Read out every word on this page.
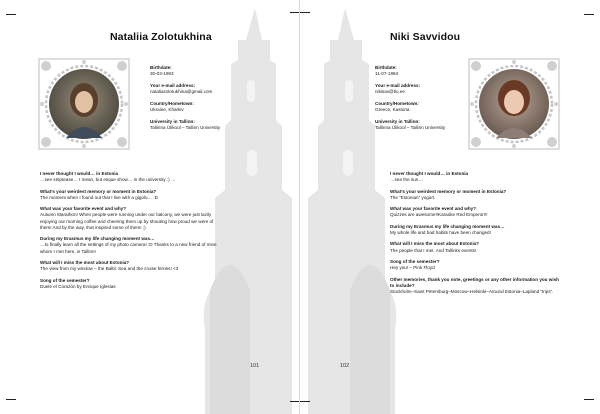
Nataliia Zolotukhina
Birthdate:
30-03-1993
Your e-mail address:
nataliazolotukhina@gmail.com
Country/Hometown:
Ukraine, Kharkiv
University in Tallinn:
Tallinna Ülikool – Tallinn University
I never thought I would… in Estonia
…see striptease… I mean, but esque show… in the university :) …
What’s your weirdest memory or moment in Estonia?
The moment when I found out that I live with a gigolo… :D
What was your favorite event and why?
Autumn Marathon! When people were running under our balcony, we were just lazily enjoying our morning coffee and cheering them up by shouting how proud we were of them! And by the way, that inspired some of them! ;)
During my Erasmus my life changing moment was…
…to finally learn all the settings of my photo camera! :D Thanks to a new friend of mine whom I met here, in Tallinn!
What will I miss the most about Estonia?
The view from my window – the Baltic Sea and the cruise ferries! <3
Song of the semester?
Duele el Corazón by Enrique Iglesias
101
Niki Savvidou
Birthdate:
11-07-1994
Your e-mail address:
nikisav@tlu.ee
Country/Hometown:
Greece, Kastoria
University in Tallinn:
Tallinna Ülikool – Tallinn University
I never thought I would… in Estonia
…see the sun…
What’s your weirdest memory or moment in Estonia?
The “Estonian” yogurt.
What was your favorite event and why?
Quizzes are awesome!!Karaoke Red Emperor!!!
During my Erasmus my life changing moment was…
My whole life and bad habits have been changed!
What will I miss the most about Estonia?
The people that I met. And Tallinks events!
Song of the semester?
Hey you! – Pink Floyd
Other memories, thank you note, greetings or any other information you wish to include?
Stockholm–Saint Petersburg–Moscow–Helsinki–Around Estonia–Lapland “trips”.
102
